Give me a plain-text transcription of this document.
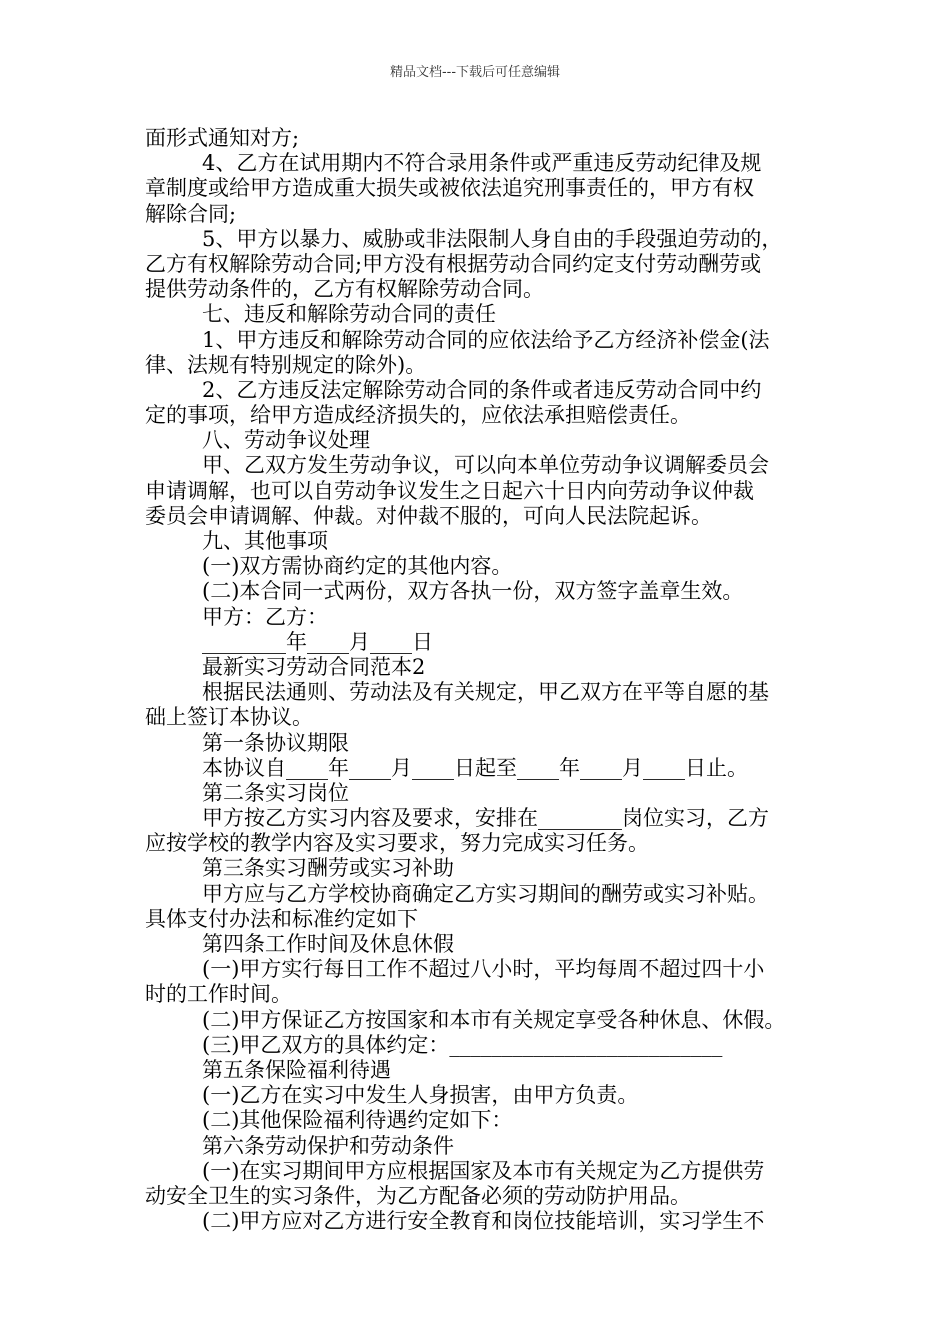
精品文档---下载后可任意编辑
面形式通知对方;
4、乙方在试用期内不符合录用条件或严重违反劳动纪律及规
章制度或给甲方造成重大损失或被依法追究刑事责任的，甲方有权
解除合同;
5、甲方以暴力、威胁或非法限制人身自由的手段强迫劳动的，
乙方有权解除劳动合同;甲方没有根据劳动合同约定支付劳动酬劳或
提供劳动条件的，乙方有权解除劳动合同。
七、违反和解除劳动合同的责任
1、甲方违反和解除劳动合同的应依法给予乙方经济补偿金(法
律、法规有特别规定的除外)。
2、乙方违反法定解除劳动合同的条件或者违反劳动合同中约
定的事项，给甲方造成经济损失的，应依法承担赔偿责任。
八、劳动争议处理
甲、乙双方发生劳动争议，可以向本单位劳动争议调解委员会
申请调解，也可以自劳动争议发生之日起六十日内向劳动争议仲裁
委员会申请调解、仲裁。对仲裁不服的，可向人民法院起诉。
九、其他事项
(一)双方需协商约定的其他内容。
(二)本合同一式两份，双方各执一份，双方签字盖章生效。
甲方：乙方：
________年____月____日
最新实习劳动合同范本2
根据民法通则、劳动法及有关规定，甲乙双方在平等自愿的基
础上签订本协议。
第一条协议期限
本协议自____年____月____日起至____年____月____日止。
第二条实习岗位
甲方按乙方实习内容及要求，安排在________岗位实习，乙方
应按学校的教学内容及实习要求，努力完成实习任务。
第三条实习酬劳或实习补助
甲方应与乙方学校协商确定乙方实习期间的酬劳或实习补贴。
具体支付办法和标准约定如下
第四条工作时间及休息休假
(一)甲方实行每日工作不超过八小时，平均每周不超过四十小
时的工作时间。
(二)甲方保证乙方按国家和本市有关规定享受各种休息、休假。
(三)甲乙双方的具体约定：__________________________
第五条保险福利待遇
(一)乙方在实习中发生人身损害，由甲方负责。
(二)其他保险福利待遇约定如下：
第六条劳动保护和劳动条件
(一)在实习期间甲方应根据国家及本市有关规定为乙方提供劳
动安全卫生的实习条件，为乙方配备必须的劳动防护用品。
(二)甲方应对乙方进行安全教育和岗位技能培训，实习学生不
